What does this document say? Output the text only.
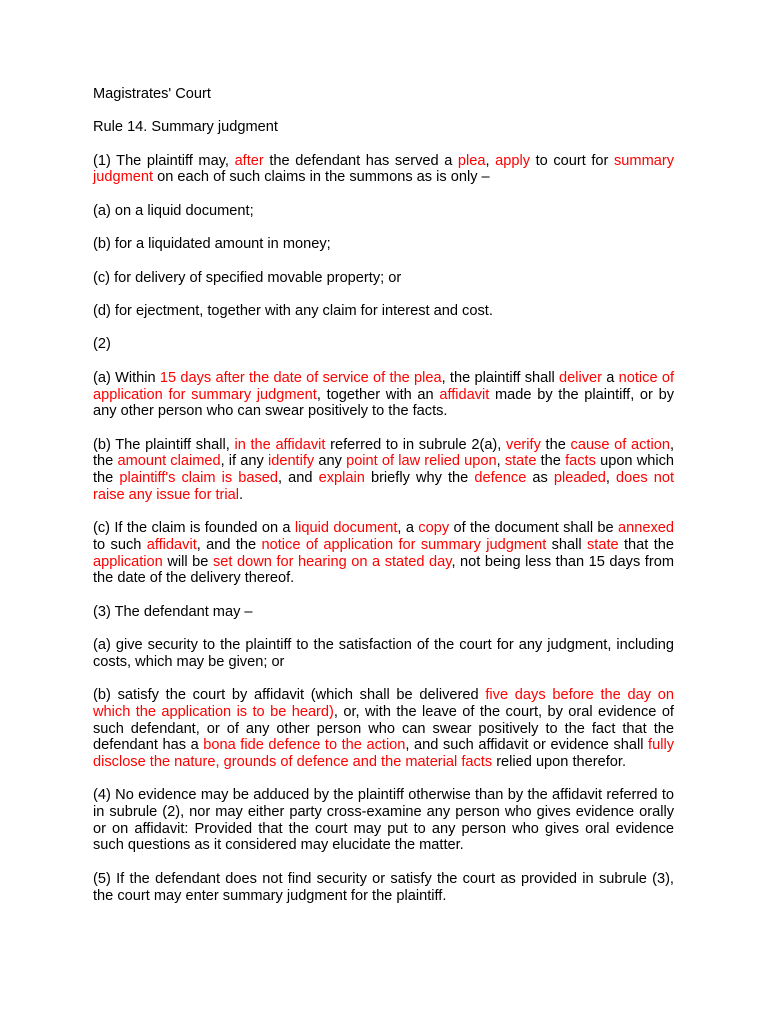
Magistrates' Court

Rule 14. Summary judgment

(1) The plaintiff may, after the defendant has served a plea, apply to court for summary judgment on each of such claims in the summons as is only –

(a) on a liquid document;

(b) for a liquidated amount in money;

(c) for delivery of specified movable property; or

(d) for ejectment, together with any claim for interest and cost.

(2)

(a) Within 15 days after the date of service of the plea, the plaintiff shall deliver a notice of application for summary judgment, together with an affidavit made by the plaintiff, or by any other person who can swear positively to the facts.

(b) The plaintiff shall, in the affidavit referred to in subrule 2(a), verify the cause of action, the amount claimed, if any identify any point of law relied upon, state the facts upon which the plaintiff's claim is based, and explain briefly why the defence as pleaded, does not raise any issue for trial.

(c) If the claim is founded on a liquid document, a copy of the document shall be annexed to such affidavit, and the notice of application for summary judgment shall state that the application will be set down for hearing on a stated day, not being less than 15 days from the date of the delivery thereof.

(3) The defendant may –

(a) give security to the plaintiff to the satisfaction of the court for any judgment, including costs, which may be given; or

(b) satisfy the court by affidavit (which shall be delivered five days before the day on which the application is to be heard), or, with the leave of the court, by oral evidence of such defendant, or of any other person who can swear positively to the fact that the defendant has a bona fide defence to the action, and such affidavit or evidence shall fully disclose the nature, grounds of defence and the material facts relied upon therefor.

(4) No evidence may be adduced by the plaintiff otherwise than by the affidavit referred to in subrule (2), nor may either party cross-examine any person who gives evidence orally or on affidavit: Provided that the court may put to any person who gives oral evidence such questions as it considered may elucidate the matter.

(5) If the defendant does not find security or satisfy the court as provided in subrule (3), the court may enter summary judgment for the plaintiff.
